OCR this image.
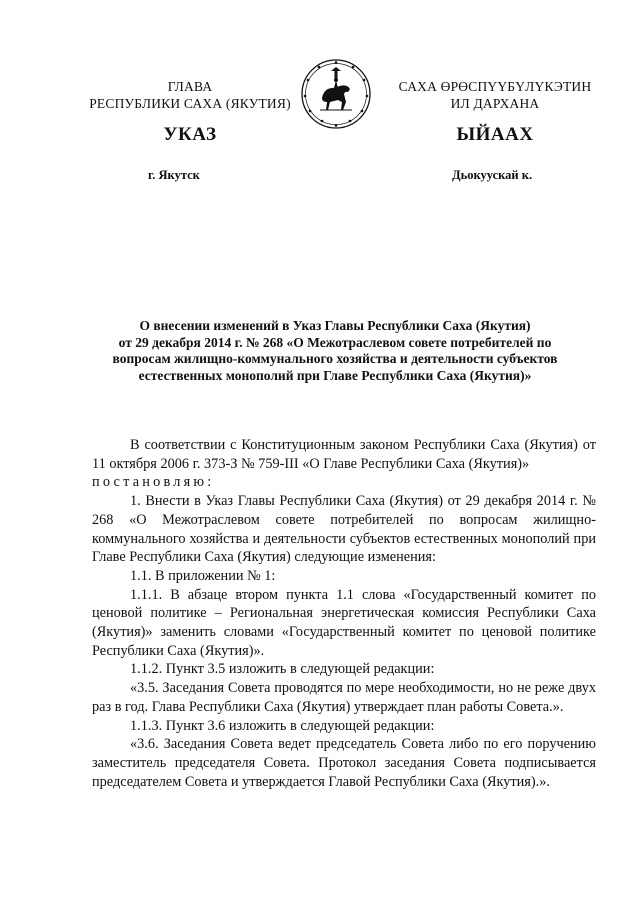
ГЛАВА
РЕСПУБЛИКИ САХА (ЯКУТИЯ)
САХА ӨРӨСПҮҮБҮЛҮКЭТИН
ИЛ ДАРХАНА
УКАЗ	ЫЙААХ
г. Якутск	Дьокуускай к.
О внесении изменений в Указ Главы Республики Саха (Якутия)
от 29 декабря 2014 г. № 268 «О Межотраслевом совете потребителей по
вопросам жилищно-коммунального хозяйства и деятельности субъектов
естественных монополий при Главе Республики Саха (Якутия)»

В соответствии с Конституционным законом Республики Саха (Якутия) от 11 октября 2006 г. 373-З № 759-III «О Главе Республики Саха (Якутия)»

постановляю:

1. Внести в Указ Главы Республики Саха (Якутия) от 29 декабря 2014 г. № 268 «О Межотраслевом совете потребителей по вопросам жилищно-коммунального хозяйства и деятельности субъектов естественных монополий при Главе Республики Саха (Якутия) следующие изменения:

1.1. В приложении № 1:

1.1.1. В абзаце втором пункта 1.1 слова «Государственный комитет по ценовой политике – Региональная энергетическая комиссия Республики Саха (Якутия)» заменить словами «Государственный комитет по ценовой политике Республики Саха (Якутия)».

1.1.2. Пункт 3.5 изложить в следующей редакции:

«3.5. Заседания Совета проводятся по мере необходимости, но не реже двух раз в год. Глава Республики Саха (Якутия) утверждает план работы Совета.».

1.1.3. Пункт 3.6 изложить в следующей редакции:

«3.6. Заседания Совета ведет председатель Совета либо по его поручению заместитель председателя Совета. Протокол заседания Совета подписывается председателем Совета и утверждается Главой Республики Саха (Якутия).».
